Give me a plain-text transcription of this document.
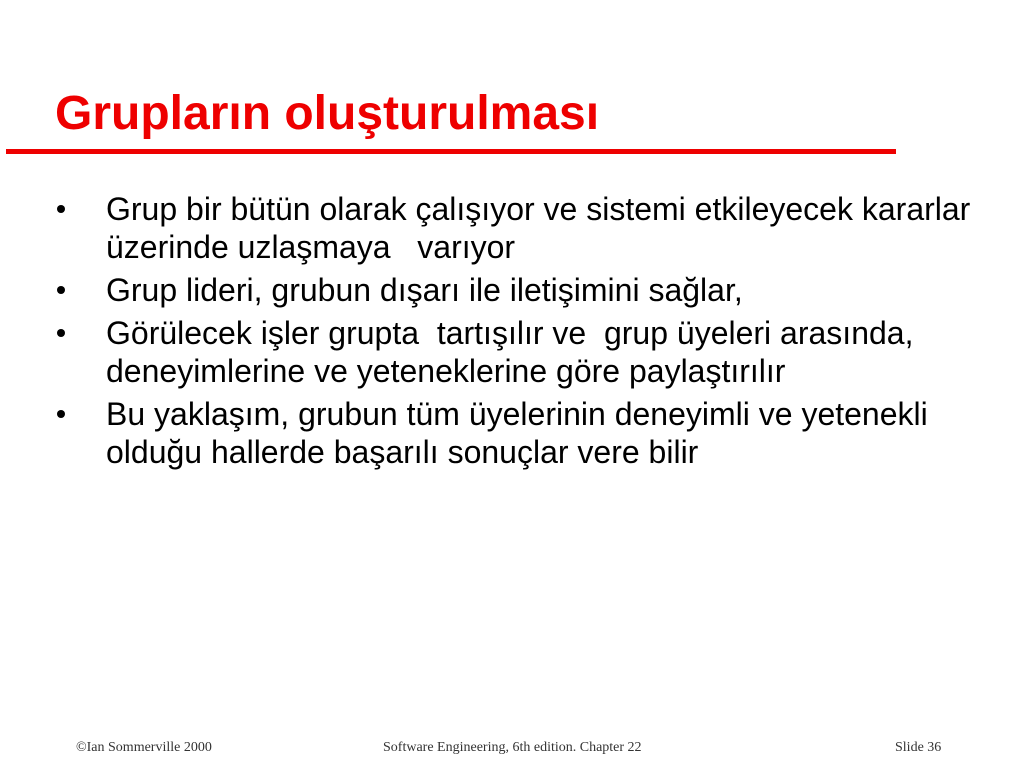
Grupların oluşturulması
Grup bir bütün olarak çalışıyor ve sistemi etkileyecek kararlar üzerinde uzlaşmaya   varıyor
Grup lideri, grubun dışarı ile iletişimini sağlar,
Görülecek işler grupta  tartışılır ve  grup üyeleri arasında, deneyimlerine ve yeteneklerine göre paylaştırılır
Bu yaklaşım, grubun tüm üyelerinin deneyimli ve yetenekli olduğu hallerde başarılı sonuçlar vere bilir
©Ian Sommerville 2000	Software Engineering, 6th edition. Chapter 22	Slide 36
